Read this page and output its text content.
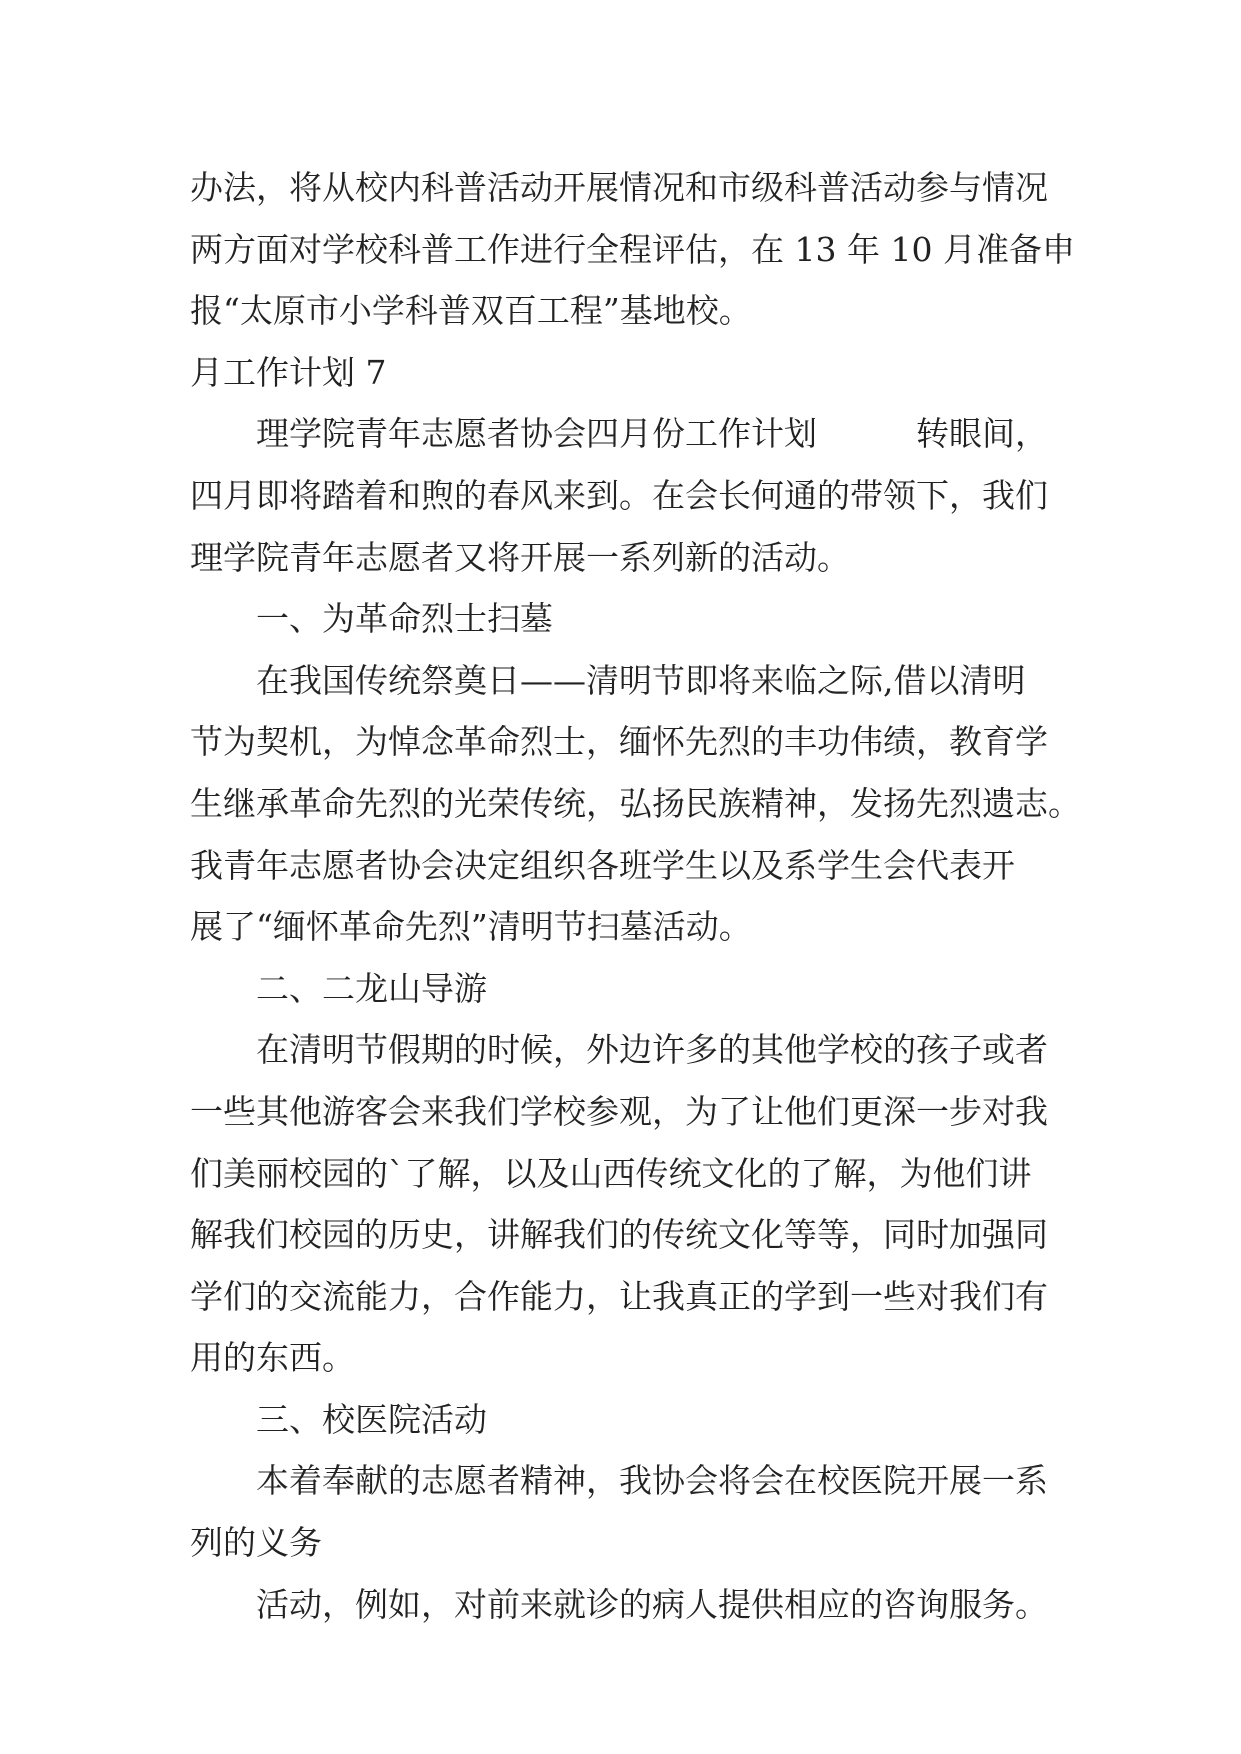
办法，将从校内科普活动开展情况和市级科普活动参与情况
两方面对学校科普工作进行全程评估，在 13 年 10 月准备申
报“太原市小学科普双百工程”基地校。
月工作计划 7
理学院青年志愿者协会四月份工作计划　　　转眼间，
四月即将踏着和煦的春风来到。在会长何通的带领下，我们
理学院青年志愿者又将开展一系列新的活动。
一、为革命烈士扫墓
在我国传统祭奠日——清明节即将来临之际,借以清明
节为契机，为悼念革命烈士，缅怀先烈的丰功伟绩，教育学
生继承革命先烈的光荣传统，弘扬民族精神，发扬先烈遗志。
我青年志愿者协会决定组织各班学生以及系学生会代表开
展了“缅怀革命先烈”清明节扫墓活动。
二、二龙山导游
在清明节假期的时候，外边许多的其他学校的孩子或者
一些其他游客会来我们学校参观，为了让他们更深一步对我
们美丽校园的`了解，以及山西传统文化的了解，为他们讲
解我们校园的历史，讲解我们的传统文化等等，同时加强同
学们的交流能力，合作能力，让我真正的学到一些对我们有
用的东西。
三、校医院活动
本着奉献的志愿者精神，我协会将会在校医院开展一系
列的义务
活动，例如，对前来就诊的病人提供相应的咨询服务。
